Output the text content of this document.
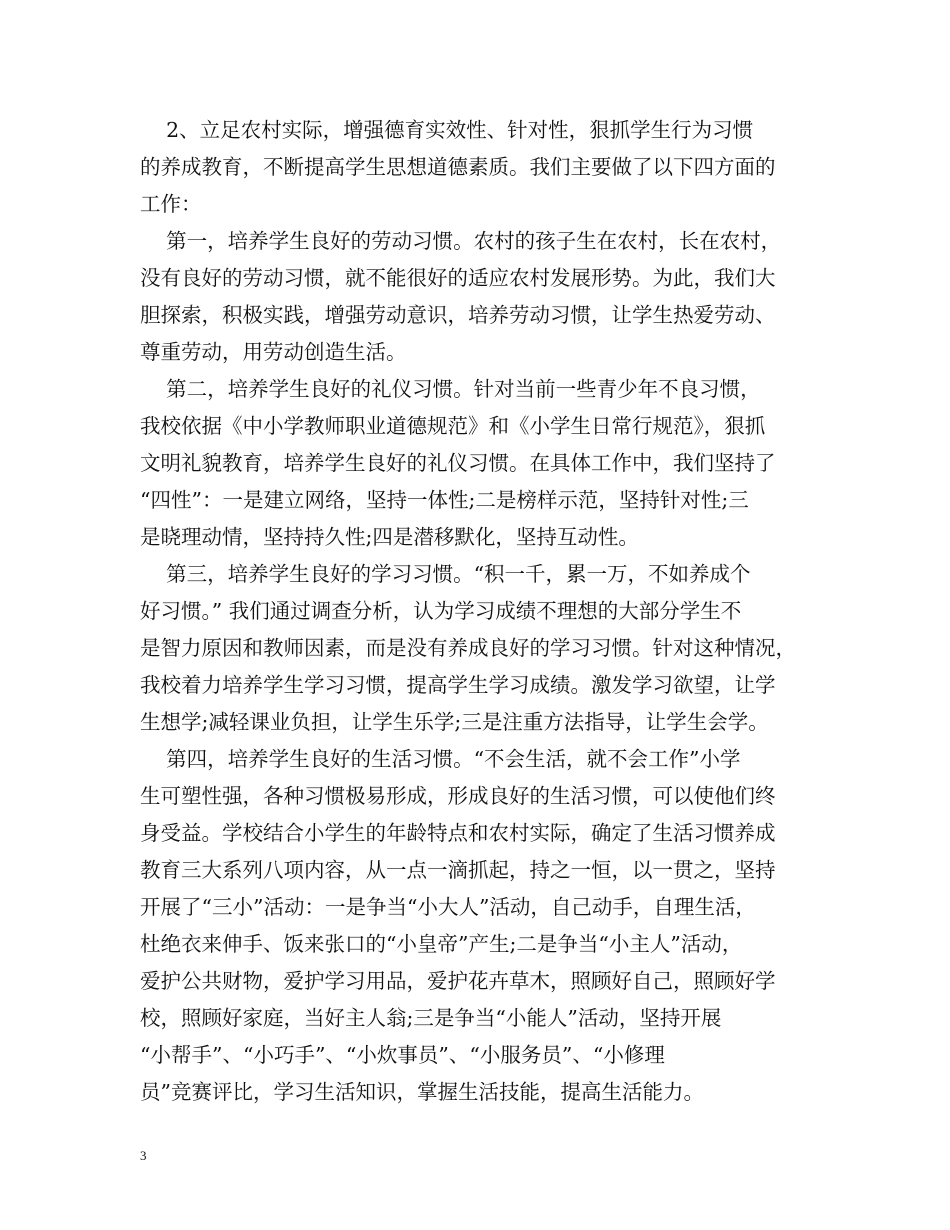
2、立足农村实际，增强德育实效性、针对性，狠抓学生行为习惯
的养成教育，不断提高学生思想道德素质。我们主要做了以下四方面的
工作：
第一，培养学生良好的劳动习惯。农村的孩子生在农村，长在农村，
没有良好的劳动习惯，就不能很好的适应农村发展形势。为此，我们大
胆探索，积极实践，增强劳动意识，培养劳动习惯，让学生热爱劳动、
尊重劳动，用劳动创造生活。
第二，培养学生良好的礼仪习惯。针对当前一些青少年不良习惯，
我校依据《中小学教师职业道德规范》和《小学生日常行规范》，狠抓
文明礼貌教育，培养学生良好的礼仪习惯。在具体工作中，我们坚持了
“四性”：一是建立网络，坚持一体性;二是榜样示范，坚持针对性;三
是晓理动情，坚持持久性;四是潜移默化，坚持互动性。
第三，培养学生良好的学习习惯。“积一千，累一万，不如养成个
好习惯。” 我们通过调查分析，认为学习成绩不理想的大部分学生不
是智力原因和教师因素，而是没有养成良好的学习习惯。针对这种情况，
我校着力培养学生学习习惯，提高学生学习成绩。激发学习欲望，让学
生想学;减轻课业负担，让学生乐学;三是注重方法指导，让学生会学。
第四，培养学生良好的生活习惯。“不会生活，就不会工作”小学
生可塑性强，各种习惯极易形成，形成良好的生活习惯，可以使他们终
身受益。学校结合小学生的年龄特点和农村实际，确定了生活习惯养成
教育三大系列八项内容，从一点一滴抓起，持之一恒，以一贯之，坚持
开展了“三小”活动：一是争当“小大人”活动，自己动手，自理生活，
杜绝衣来伸手、饭来张口的“小皇帝”产生;二是争当“小主人”活动，
爱护公共财物，爱护学习用品，爱护花卉草木，照顾好自己，照顾好学
校，照顾好家庭，当好主人翁;三是争当“小能人”活动，坚持开展
“小帮手”、“小巧手”、“小炊事员”、“小服务员”、“小修理
员”竞赛评比，学习生活知识，掌握生活技能，提高生活能力。
3
